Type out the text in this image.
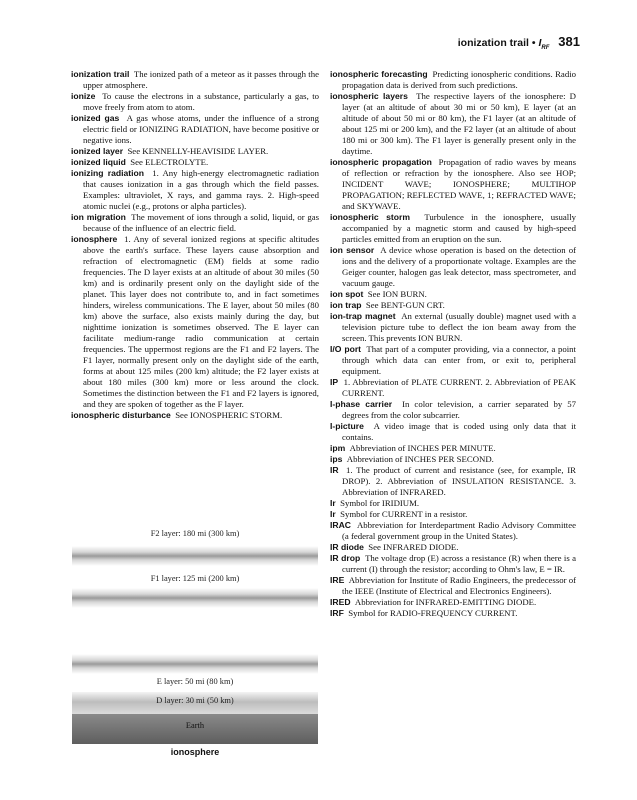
ionization trail • $I_{RF}$ 381

ionization trail The ionized path of a meteor as it passes through the upper atmosphere.

ionize To cause the electrons in a substance, particularly a gas, to move freely from atom to atom.

ionized gas A gas whose atoms, under the influence of a strong electric field or IONIZING RADIATION, have become positive or negative ions.

ionized layer See KENNELLY-HEAVISIDE LAYER.

ionized liquid See ELECTROLYTE.

ionizing radiation 1. Any high-energy electromagnetic radiation that causes ionization in a gas through which the field passes. Examples: ultraviolet, X rays, and gamma rays. 2. High-speed atomic nuclei (e.g., protons or alpha particles).

ion migration The movement of ions through a solid, liquid, or gas because of the influence of an electric field.

ionosphere 1. Any of several ionized regions at specific altitudes above the earth's surface. These layers cause absorption and refraction of electromagnetic (EM) fields at some radio frequencies. The D layer exists at an altitude of about 30 miles (50 km) and is ordinarily present only on the daylight side of the planet. This layer does not contribute to, and in fact sometimes hinders, wireless communications. The E layer, about 50 miles (80 km) above the surface, also exists mainly during the day, but nighttime ionization is sometimes observed. The E layer can facilitate medium-range radio communication at certain frequencies. The uppermost regions are the F1 and F2 layers. The F1 layer, normally present only on the daylight side of the earth, forms at about 125 miles (200 km) altitude; the F2 layer exists at about 180 miles (300 km) more or less around the clock. Sometimes the distinction between the F1 and F2 layers is ignored, and they are spoken of together as the F layer.

ionospheric disturbance See IONOSPHERIC STORM.

F2 layer: 180 mi (300 km)
F1 layer: 125 mi (200 km)
E layer: 50 mi (80 km)
D layer: 30 mi (50 km)
Earth
ionosphere

ionospheric forecasting Predicting ionospheric conditions. Radio propagation data is derived from such predictions.

ionospheric layers The respective layers of the ionosphere: D layer (at an altitude of about 30 mi or 50 km), E layer (at an altitude of about 50 mi or 80 km), the F1 layer (at an altitude of about 125 mi or 200 km), and the F2 layer (at an altitude of about 180 mi or 300 km). The F1 layer is generally present only in the daytime.

ionospheric propagation Propagation of radio waves by means of reflection or refraction by the ionosphere. Also see HOP; INCIDENT WAVE; IONOSPHERE; MULTIHOP PROPAGATION; REFLECTED WAVE, 1; REFRACTED WAVE; and SKYWAVE.

ionospheric storm Turbulence in the ionosphere, usually accompanied by a magnetic storm and caused by high-speed particles emitted from an eruption on the sun.

ion sensor A device whose operation is based on the detection of ions and the delivery of a proportionate voltage. Examples are the Geiger counter, halogen gas leak detector, mass spectrometer, and vacuum gauge.

ion spot See ION BURN.

ion trap See BENT-GUN CRT.

ion-trap magnet An external (usually double) magnet used with a television picture tube to deflect the ion beam away from the screen. This prevents ION BURN.

I/O port That part of a computer providing, via a connector, a point through which data can enter from, or exit to, peripheral equipment.

IP 1. Abbreviation of PLATE CURRENT. 2. Abbreviation of PEAK CURRENT.

I-phase carrier In color television, a carrier separated by 57 degrees from the color subcarrier.

I-picture A video image that is coded using only data that it contains.

ipm Abbreviation of INCHES PER MINUTE.

ips Abbreviation of INCHES PER SECOND.

IR 1. The product of current and resistance (see, for example, IR DROP). 2. Abbreviation of INSULATION RESISTANCE. 3. Abbreviation of INFRARED.

Ir Symbol for IRIDIUM.

Ir Symbol for CURRENT in a resistor.

IRAC Abbreviation for Interdepartment Radio Advisory Committee (a federal government group in the United States).

IR diode See INFRARED DIODE.

IR drop The voltage drop (E) across a resistance (R) when there is a current (I) through the resistor; according to Ohm's law, E = IR.

IRE Abbreviation for Institute of Radio Engineers, the predecessor of the IEEE (Institute of Electrical and Electronics Engineers).

IRED Abbreviation for INFRARED-EMITTING DIODE.

IRF Symbol for RADIO-FREQUENCY CURRENT.
